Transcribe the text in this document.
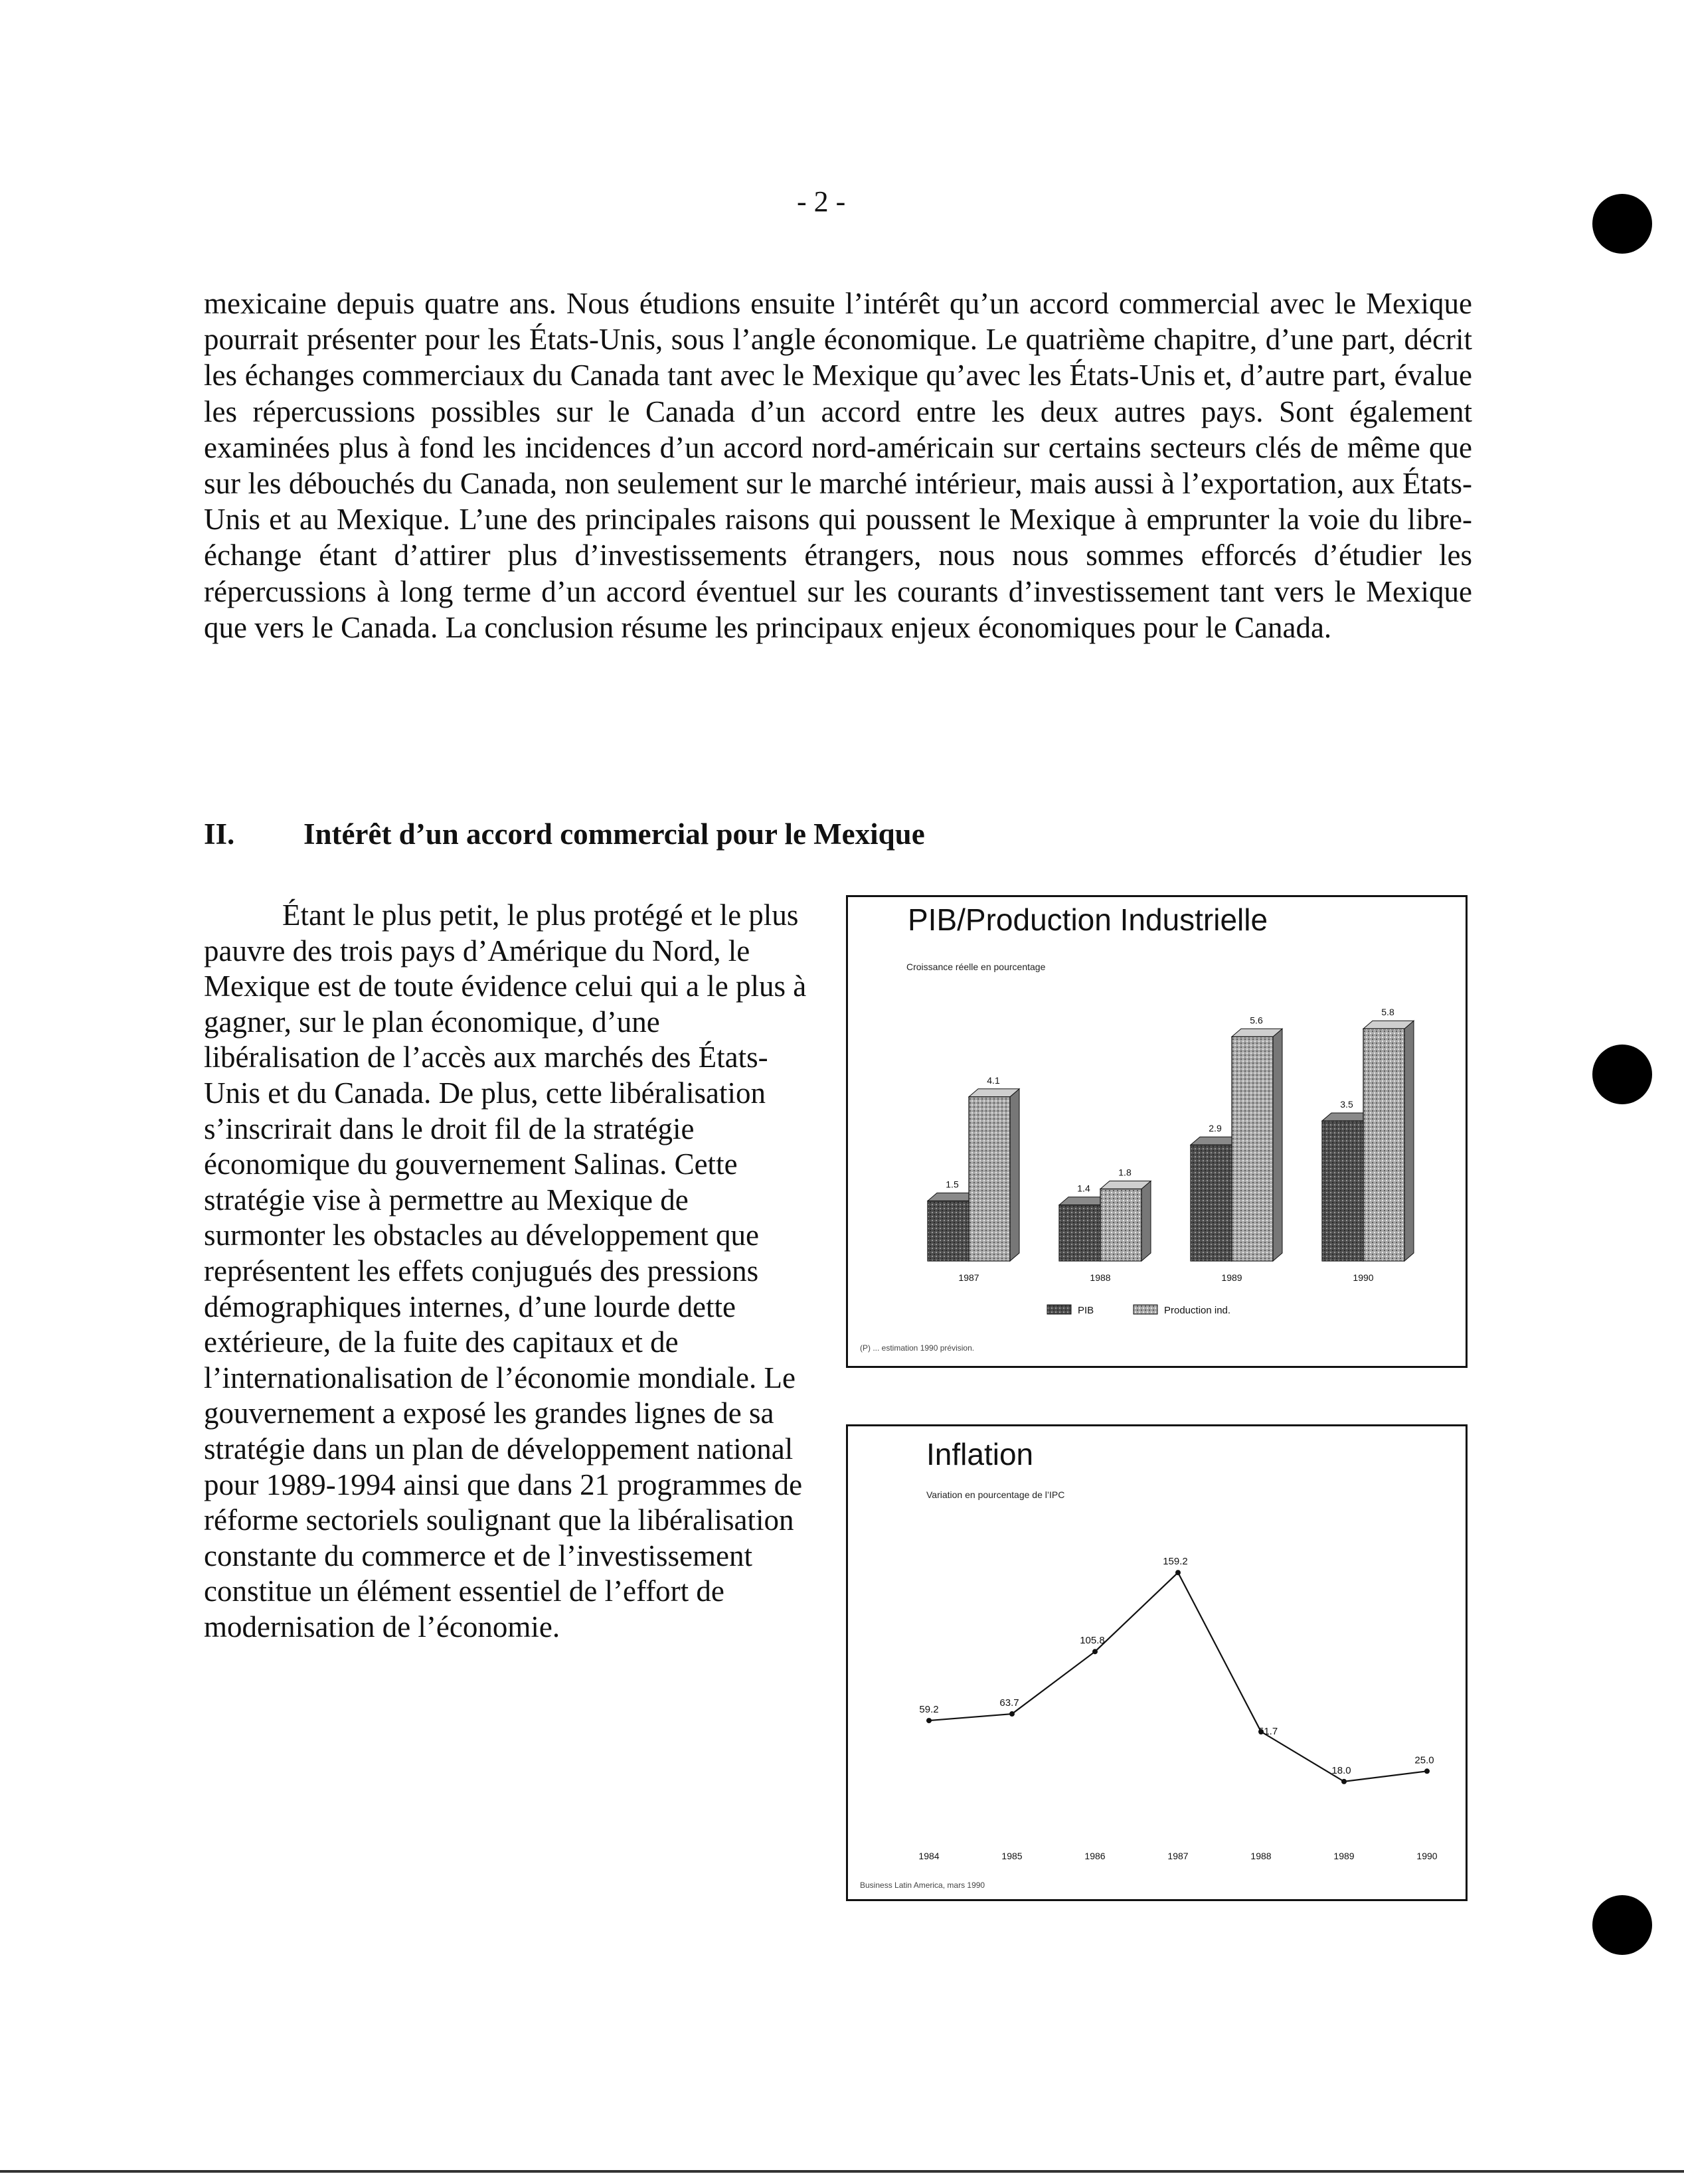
- 2 -

mexicaine depuis quatre ans. Nous étudions ensuite l’intérêt qu’un accord commercial avec le Mexique pourrait présenter pour les États-Unis, sous l’angle économique. Le quatrième chapitre, d’une part, décrit les échanges commerciaux du Canada tant avec le Mexique qu’avec les États-Unis et, d’autre part, évalue les répercussions possibles sur le Canada d’un accord entre les deux autres pays. Sont également examinées plus à fond les incidences d’un accord nord-américain sur certains secteurs clés de même que sur les débouchés du Canada, non seulement sur le marché intérieur, mais aussi à l’exportation, aux États-Unis et au Mexique. L’une des principales raisons qui poussent le Mexique à emprunter la voie du libre-échange étant d’attirer plus d’investissements étrangers, nous nous sommes efforcés d’étudier les répercussions à long terme d’un accord éventuel sur les courants d’investissement tant vers le Mexique que vers le Canada. La conclusion résume les principaux enjeux économiques pour le Canada.

II. Intérêt d’un accord commercial pour le Mexique

Étant le plus petit, le plus protégé et le plus pauvre des trois pays d’Amérique du Nord, le Mexique est de toute évidence celui qui a le plus à gagner, sur le plan économique, d’une libéralisation de l’accès aux marchés des États-Unis et du Canada. De plus, cette libéralisation s’inscrirait dans le droit fil de la stratégie économique du gouvernement Salinas. Cette stratégie vise à permettre au Mexique de surmonter les obstacles au développement que représentent les effets conjugués des pressions démographiques internes, d’une lourde dette extérieure, de la fuite des capitaux et de l’internationalisation de l’économie mondiale. Le gouvernement a exposé les grandes lignes de sa stratégie dans un plan de développement national pour 1989-1994 ainsi que dans 21 programmes de réforme sectoriels soulignant que la libéralisation constante du commerce et de l’investissement constitue un élément essentiel de l’effort de modernisation de l’économie.

PIB/Production Industrielle
Croissance réelle en pourcentage
1.5
4.1
1.4
1.8
2.9
5.6
3.5
5.8
1987	1988	1989	1990
PIB	Production ind.
(P) ... estimation 1990 prévision.
Inflation
Variation en pourcentage de l’IPC
59.2
63.7
105.8
159.2
51.7
18.0
25.0
1984	1985	1986	1987	1988	1989	1990
Business Latin America, mars 1990
